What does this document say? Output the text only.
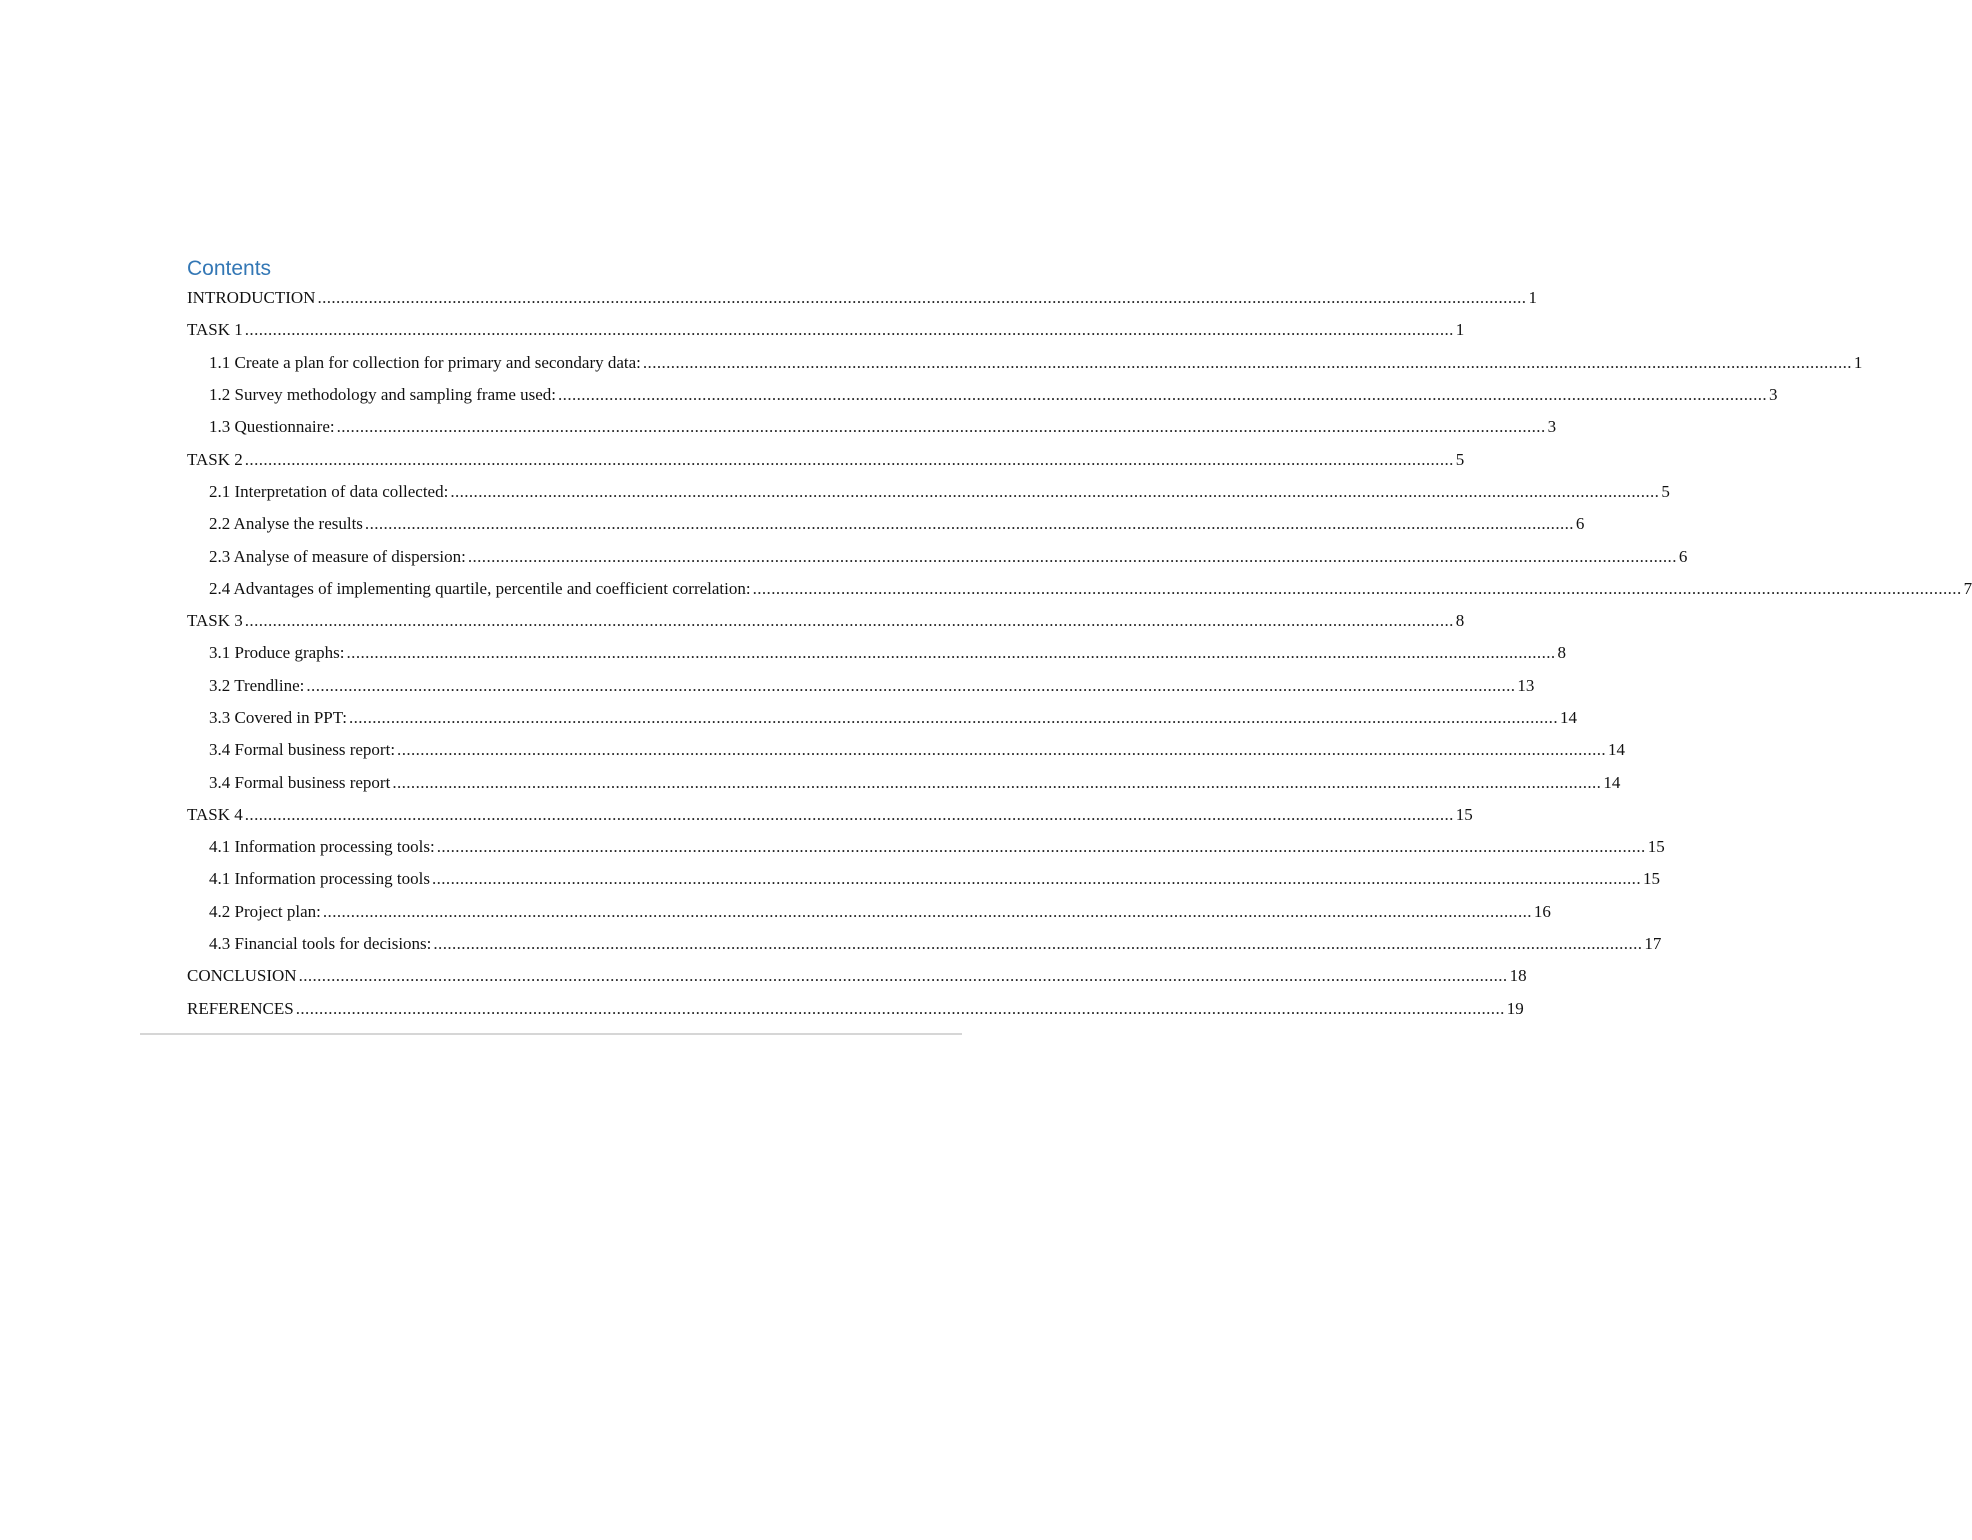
Contents
INTRODUCTION .................................................................................................................................................................................................................................................................... 1
TASK 1 .................................................................................................................................................................................................................................................................... 1
1.1 Create a plan for collection for primary and secondary data: .................................................................................................................................................................................................................................................................... 1
1.2 Survey methodology and sampling frame used: .................................................................................................................................................................................................................................................................... 3
1.3 Questionnaire: .................................................................................................................................................................................................................................................................... 3
TASK 2 .................................................................................................................................................................................................................................................................... 5
2.1 Interpretation of data collected: .................................................................................................................................................................................................................................................................... 5
2.2 Analyse the results .................................................................................................................................................................................................................................................................... 6
2.3 Analyse of measure of dispersion: .................................................................................................................................................................................................................................................................... 6
2.4 Advantages of implementing quartile, percentile and coefficient correlation: .................................................................................................................................................................................................................................................................... 7
TASK 3 .................................................................................................................................................................................................................................................................... 8
3.1 Produce graphs: .................................................................................................................................................................................................................................................................... 8
3.2 Trendline: .................................................................................................................................................................................................................................................................... 13
3.3 Covered in PPT: .................................................................................................................................................................................................................................................................... 14
3.4 Formal business report: .................................................................................................................................................................................................................................................................... 14
3.4 Formal business report .................................................................................................................................................................................................................................................................... 14
TASK 4 .................................................................................................................................................................................................................................................................... 15
4.1 Information processing tools: .................................................................................................................................................................................................................................................................... 15
4.1 Information processing tools .................................................................................................................................................................................................................................................................... 15
4.2 Project plan: .................................................................................................................................................................................................................................................................... 16
4.3 Financial tools for decisions: .................................................................................................................................................................................................................................................................... 17
CONCLUSION .................................................................................................................................................................................................................................................................... 18
REFERENCES .................................................................................................................................................................................................................................................................... 19
